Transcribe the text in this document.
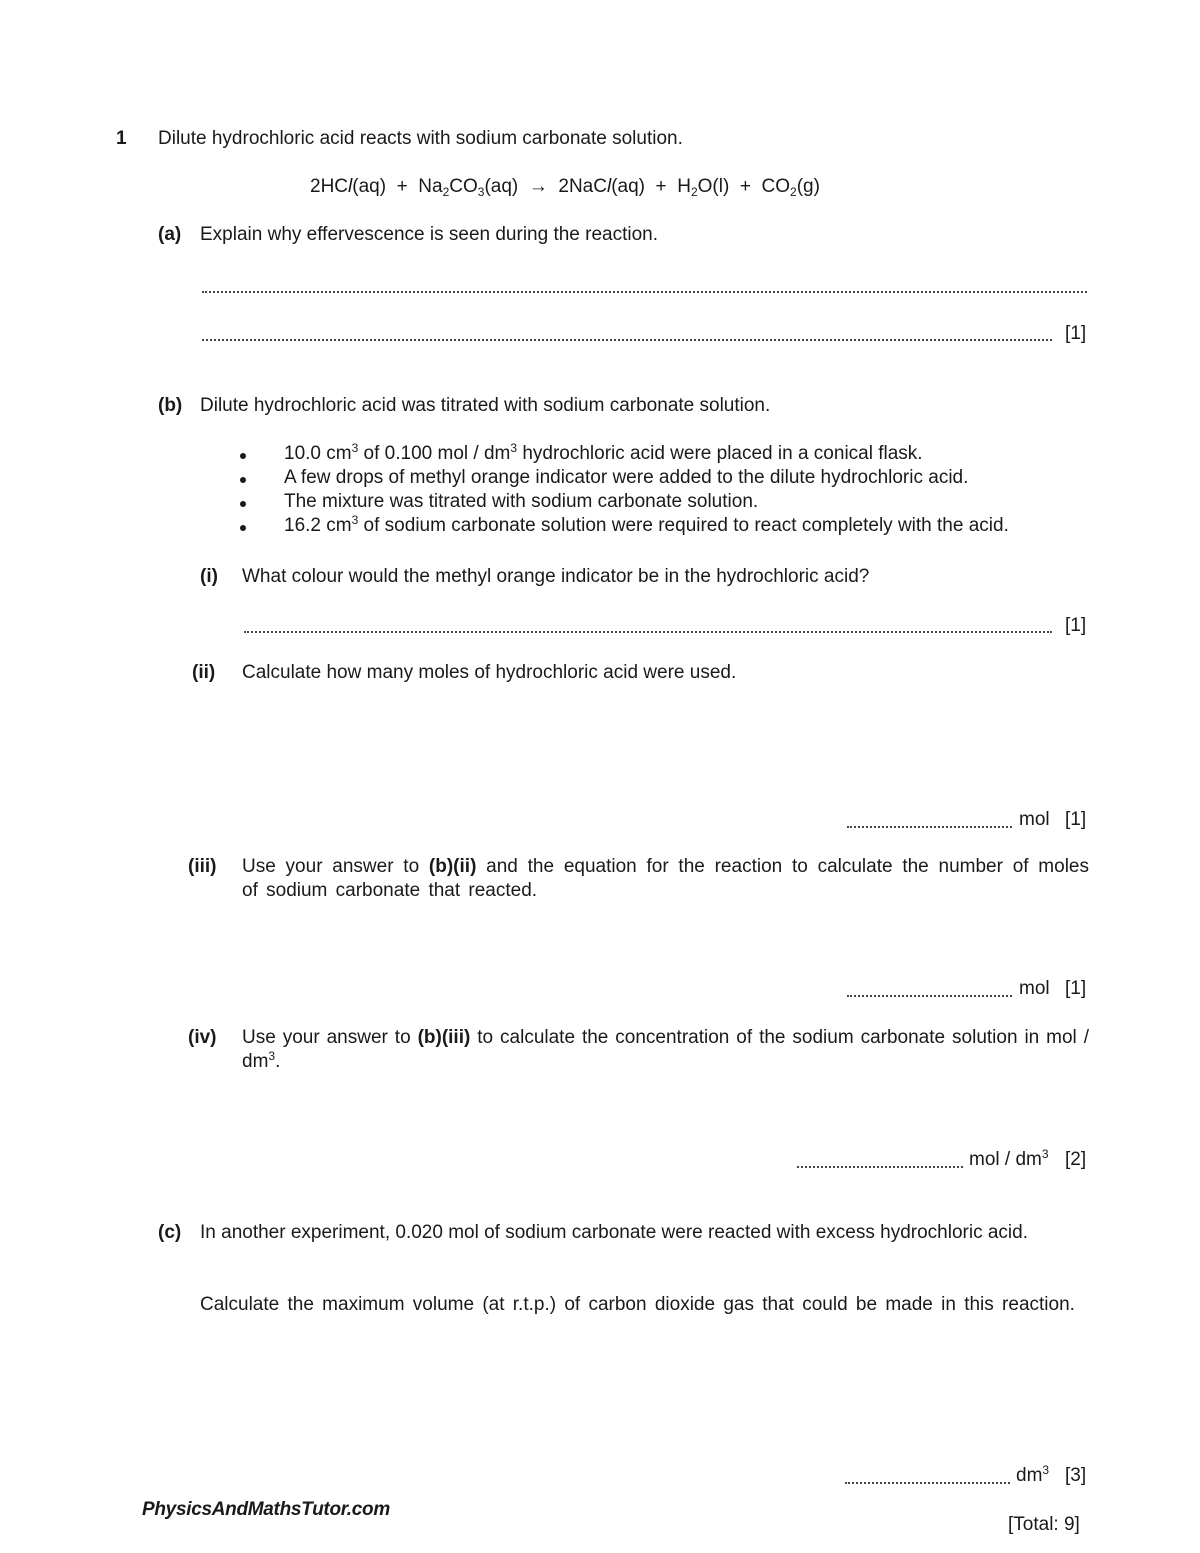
1 Dilute hydrochloric acid reacts with sodium carbonate solution.
$2HCl(aq) + Na_2CO_3(aq)$ → 2NaCl(aq) + $H_2O(l) + CO_2(g)$
(a) Explain why effervescence is seen during the reaction.
[1]
(b) Dilute hydrochloric acid was titrated with sodium carbonate solution.
10.0 $cm^3$ of 0.100 mol / $dm^3$ hydrochloric acid were placed in a conical flask.
A few drops of methyl orange indicator were added to the dilute hydrochloric acid.
The mixture was titrated with sodium carbonate solution.
16.2 $cm^3$ of sodium carbonate solution were required to react completely with the acid.
(i) What colour would the methyl orange indicator be in the hydrochloric acid?
[1]
(ii) Calculate how many moles of hydrochloric acid were used.
mol [1]
(iii) Use your answer to (b)(ii) and the equation for the reaction to calculate the number of moles of sodium carbonate that reacted.
mol [1]
(iv) Use your answer to (b)(iii) to calculate the concentration of the sodium carbonate solution in mol / $dm^3$.
mol / $dm^3$ [2]
(c) In another experiment, 0.020 mol of sodium carbonate were reacted with excess hydrochloric acid.
Calculate the maximum volume (at r.t.p.) of carbon dioxide gas that could be made in this reaction.
$dm^3$ [3]
PhysicsAndMathsTutor.com
[Total: 9]
